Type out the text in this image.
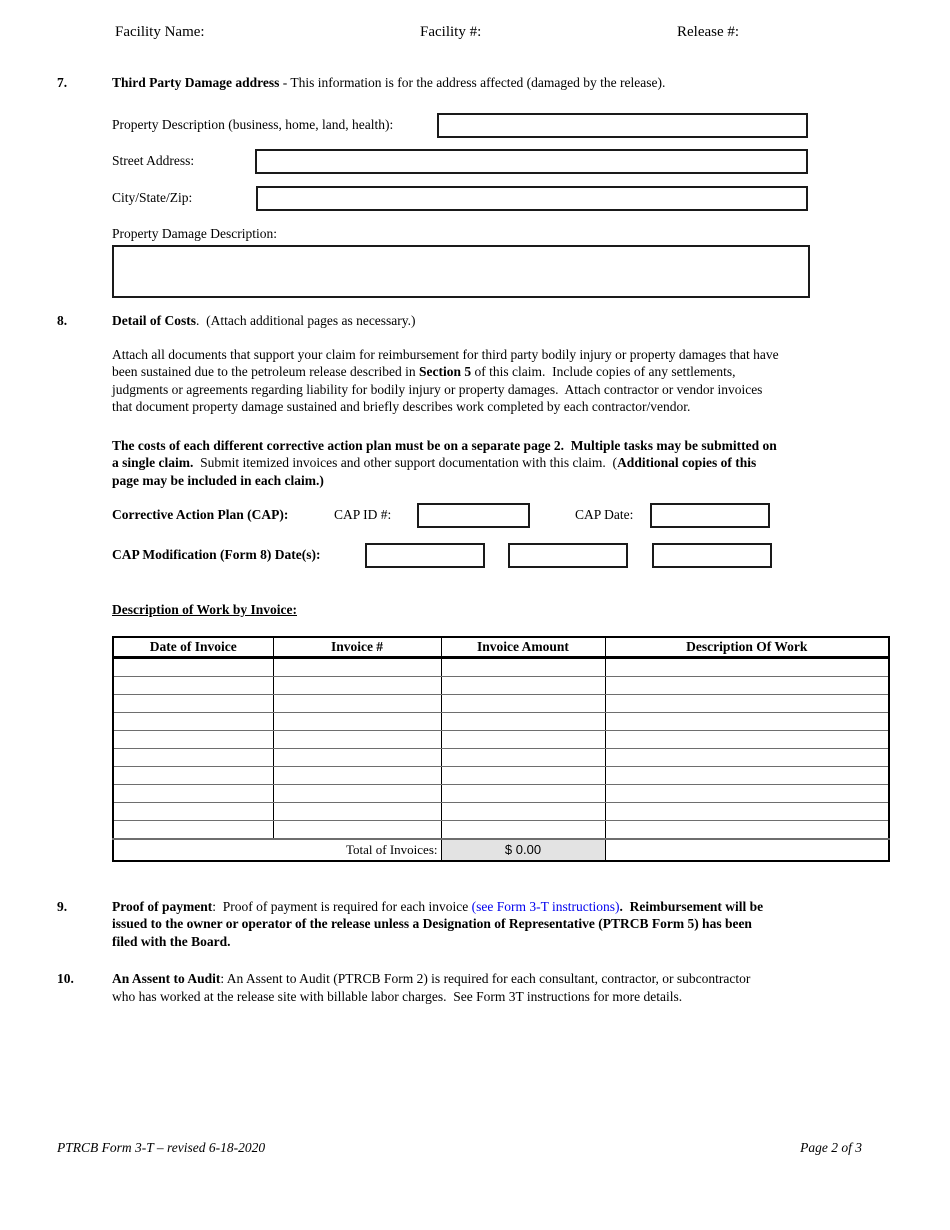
Facility Name:	Facility #:	Release #:
7.	Third Party Damage address - This information is for the address affected (damaged by the release).
Property Description (business, home, land, health):
Street Address:
City/State/Zip:
Property Damage Description:
8.	Detail of Costs.  (Attach additional pages as necessary.)
Attach all documents that support your claim for reimbursement for third party bodily injury or property damages that have
been sustained due to the petroleum release described in Section 5 of this claim.  Include copies of any settlements,
judgments or agreements regarding liability for bodily injury or property damages.  Attach contractor or vendor invoices
that document property damage sustained and briefly describes work completed by each contractor/vendor.
The costs of each different corrective action plan must be on a separate page 2.  Multiple tasks may be submitted on
a single claim.  Submit itemized invoices and other support documentation with this claim.  (Additional copies of this
page may be included in each claim.)
Corrective Action Plan (CAP):	CAP ID #:	CAP Date:
CAP Modification (Form 8) Date(s):
Description of Work by Invoice:
Date of Invoice	Invoice #	Invoice Amount	Description Of Work

Total of Invoices:		$ 0.00	
9.	Proof of payment:  Proof of payment is required for each invoice (see Form 3-T instructions).  Reimbursement will be
issued to the owner or operator of the release unless a Designation of Representative (PTRCB Form 5) has been
filed with the Board.
10.	An Assent to Audit: An Assent to Audit (PTRCB Form 2) is required for each consultant, contractor, or subcontractor
who has worked at the release site with billable labor charges.  See Form 3T instructions for more details.
PTRCB Form 3-T – revised 6-18-2020	Page 2 of 3
